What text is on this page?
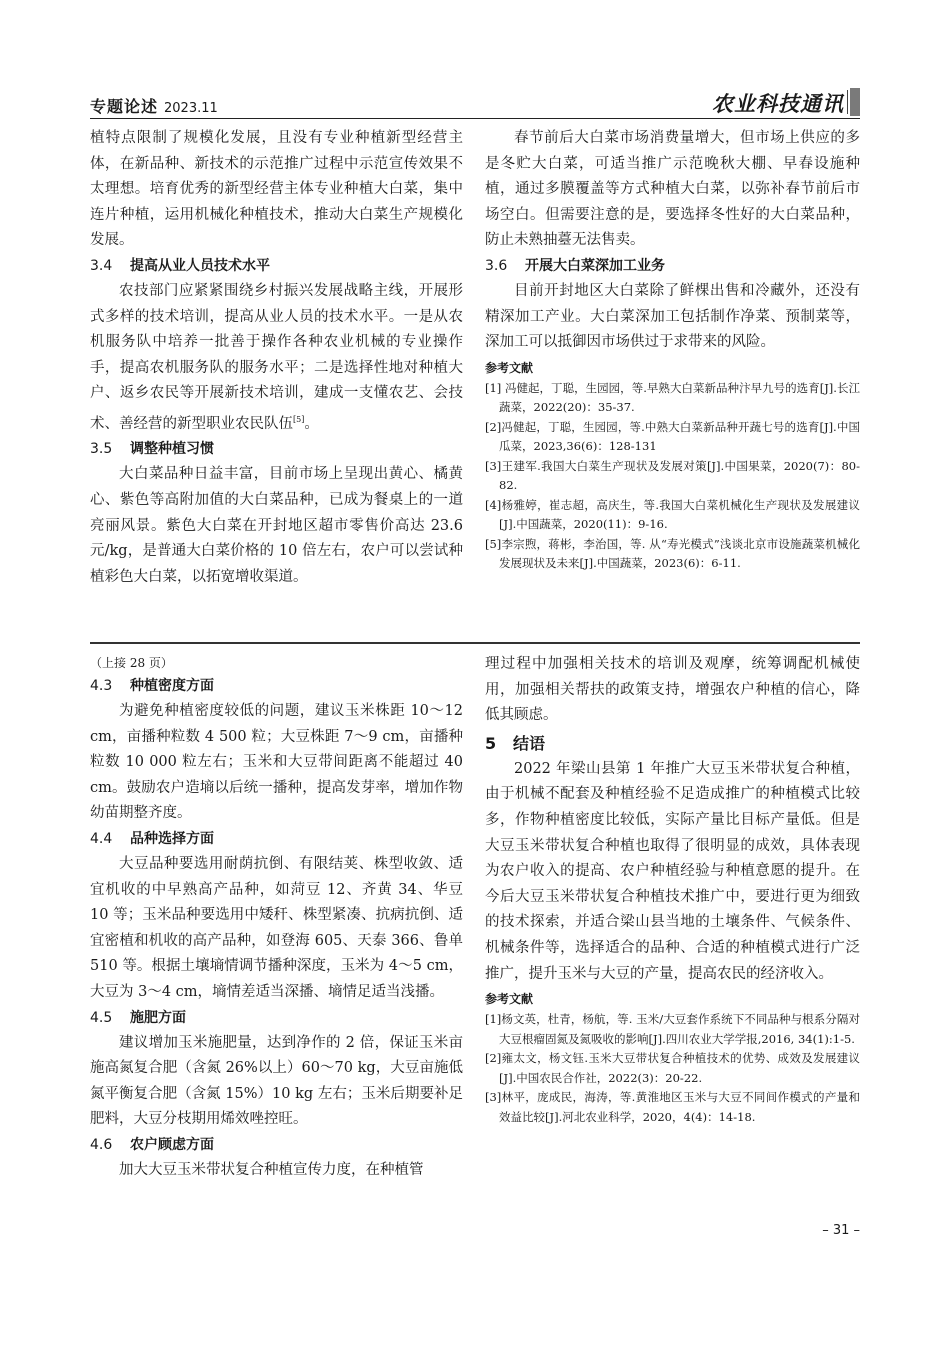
专题论述 2023.11	农业科技通讯

植特点限制了规模化发展，且没有专业种植新型经营主体，在新品种、新技术的示范推广过程中示范宣传效果不太理想。培育优秀的新型经营主体专业种植大白菜，集中连片种植，运用机械化种植技术，推动大白菜生产规模化发展。

3.4 提高从业人员技术水平

农技部门应紧紧围绕乡村振兴发展战略主线，开展形式多样的技术培训，提高从业人员的技术水平。一是从农机服务队中培养一批善于操作各种农业机械的专业操作手，提高农机服务队的服务水平；二是选择性地对种植大户、返乡农民等开展新技术培训，建成一支懂农艺、会技术、善经营的新型职业农民队伍[5]。

3.5 调整种植习惯

大白菜品种日益丰富，目前市场上呈现出黄心、橘黄心、紫色等高附加值的大白菜品种，已成为餐桌上的一道亮丽风景。紫色大白菜在开封地区超市零售价高达 23.6 元/kg，是普通大白菜价格的 10 倍左右，农户可以尝试种植彩色大白菜，以拓宽增收渠道。

春节前后大白菜市场消费量增大，但市场上供应的多是冬贮大白菜，可适当推广示范晚秋大棚、早春设施种植，通过多膜覆盖等方式种植大白菜，以弥补春节前后市场空白。但需要注意的是，要选择冬性好的大白菜品种，防止未熟抽薹无法售卖。

3.6 开展大白菜深加工业务

目前开封地区大白菜除了鲜棵出售和冷藏外，还没有精深加工产业。大白菜深加工包括制作净菜、预制菜等，深加工可以抵御因市场供过于求带来的风险。

参考文献

[1] 冯健起，丁聪，生园园，等.早熟大白菜新品种汴早九号的选育[J].长江蔬菜，2022(20)：35-37.

[2]冯健起，丁聪，生园园，等.中熟大白菜新品种开蔬七号的选育[J].中国瓜菜，2023,36(6)：128-131

[3]王建军.我国大白菜生产现状及发展对策[J].中国果菜，2020(7)：80-82.

[4]杨雅婷，崔志超，高庆生，等.我国大白菜机械化生产现状及发展建议[J].中国蔬菜，2020(11)：9-16.

[5]李宗煦，蒋彬，李治国，等. 从“寿光模式”浅谈北京市设施蔬菜机械化发展现状及未来[J].中国蔬菜，2023(6)：6-11.

（上接 28 页）

4.3 种植密度方面

为避免种植密度较低的问题，建议玉米株距 10～12 cm，亩播种粒数 4 500 粒；大豆株距 7～9 cm，亩播种粒数 10 000 粒左右；玉米和大豆带间距离不能超过 40 cm。鼓励农户造墒以后统一播种，提高发芽率，增加作物幼苗期整齐度。

4.4 品种选择方面

大豆品种要选用耐荫抗倒、有限结荚、株型收敛、适宜机收的中早熟高产品种，如菏豆 12、齐黄 34、华豆 10 等；玉米品种要选用中矮秆、株型紧凑、抗病抗倒、适宜密植和机收的高产品种，如登海 605、天泰 366、鲁单 510 等。根据土壤墒情调节播种深度，玉米为 4～5 cm，大豆为 3～4 cm，墒情差适当深播、墒情足适当浅播。

4.5 施肥方面

建议增加玉米施肥量，达到净作的 2 倍，保证玉米亩施高氮复合肥（含氮 26%以上）60～70 kg，大豆亩施低氮平衡复合肥（含氮 15%）10 kg 左右；玉米后期要补足肥料，大豆分枝期用烯效唑控旺。

4.6 农户顾虑方面

加大大豆玉米带状复合种植宣传力度，在种植管

理过程中加强相关技术的培训及观摩，统筹调配机械使用，加强相关帮扶的政策支持，增强农户种植的信心，降低其顾虑。

5 结语

2022 年梁山县第 1 年推广大豆玉米带状复合种植，由于机械不配套及种植经验不足造成推广的种植模式比较多，作物种植密度比较低，实际产量比目标产量低。但是大豆玉米带状复合种植也取得了很明显的成效，具体表现为农户收入的提高、农户种植经验与种植意愿的提升。在今后大豆玉米带状复合种植技术推广中，要进行更为细致的技术探索，并适合梁山县当地的土壤条件、气候条件、机械条件等，选择适合的品种、合适的种植模式进行广泛推广，提升玉米与大豆的产量，提高农民的经济收入。

参考文献

[1]杨文英，杜青，杨航，等. 玉米/大豆套作系统下不同品种与根系分隔对大豆根瘤固氮及氮吸收的影响[J].四川农业大学学报,2016, 34(1):1-5.

[2]雍太文，杨文钰.玉米大豆带状复合种植技术的优势、成效及发展建议[J].中国农民合作社，2022(3)：20-22.

[3]林平，庞成民，海涛，等.黄淮地区玉米与大豆不同间作模式的产量和效益比较[J].河北农业科学，2020，4(4)：14-18.

– 31 –
